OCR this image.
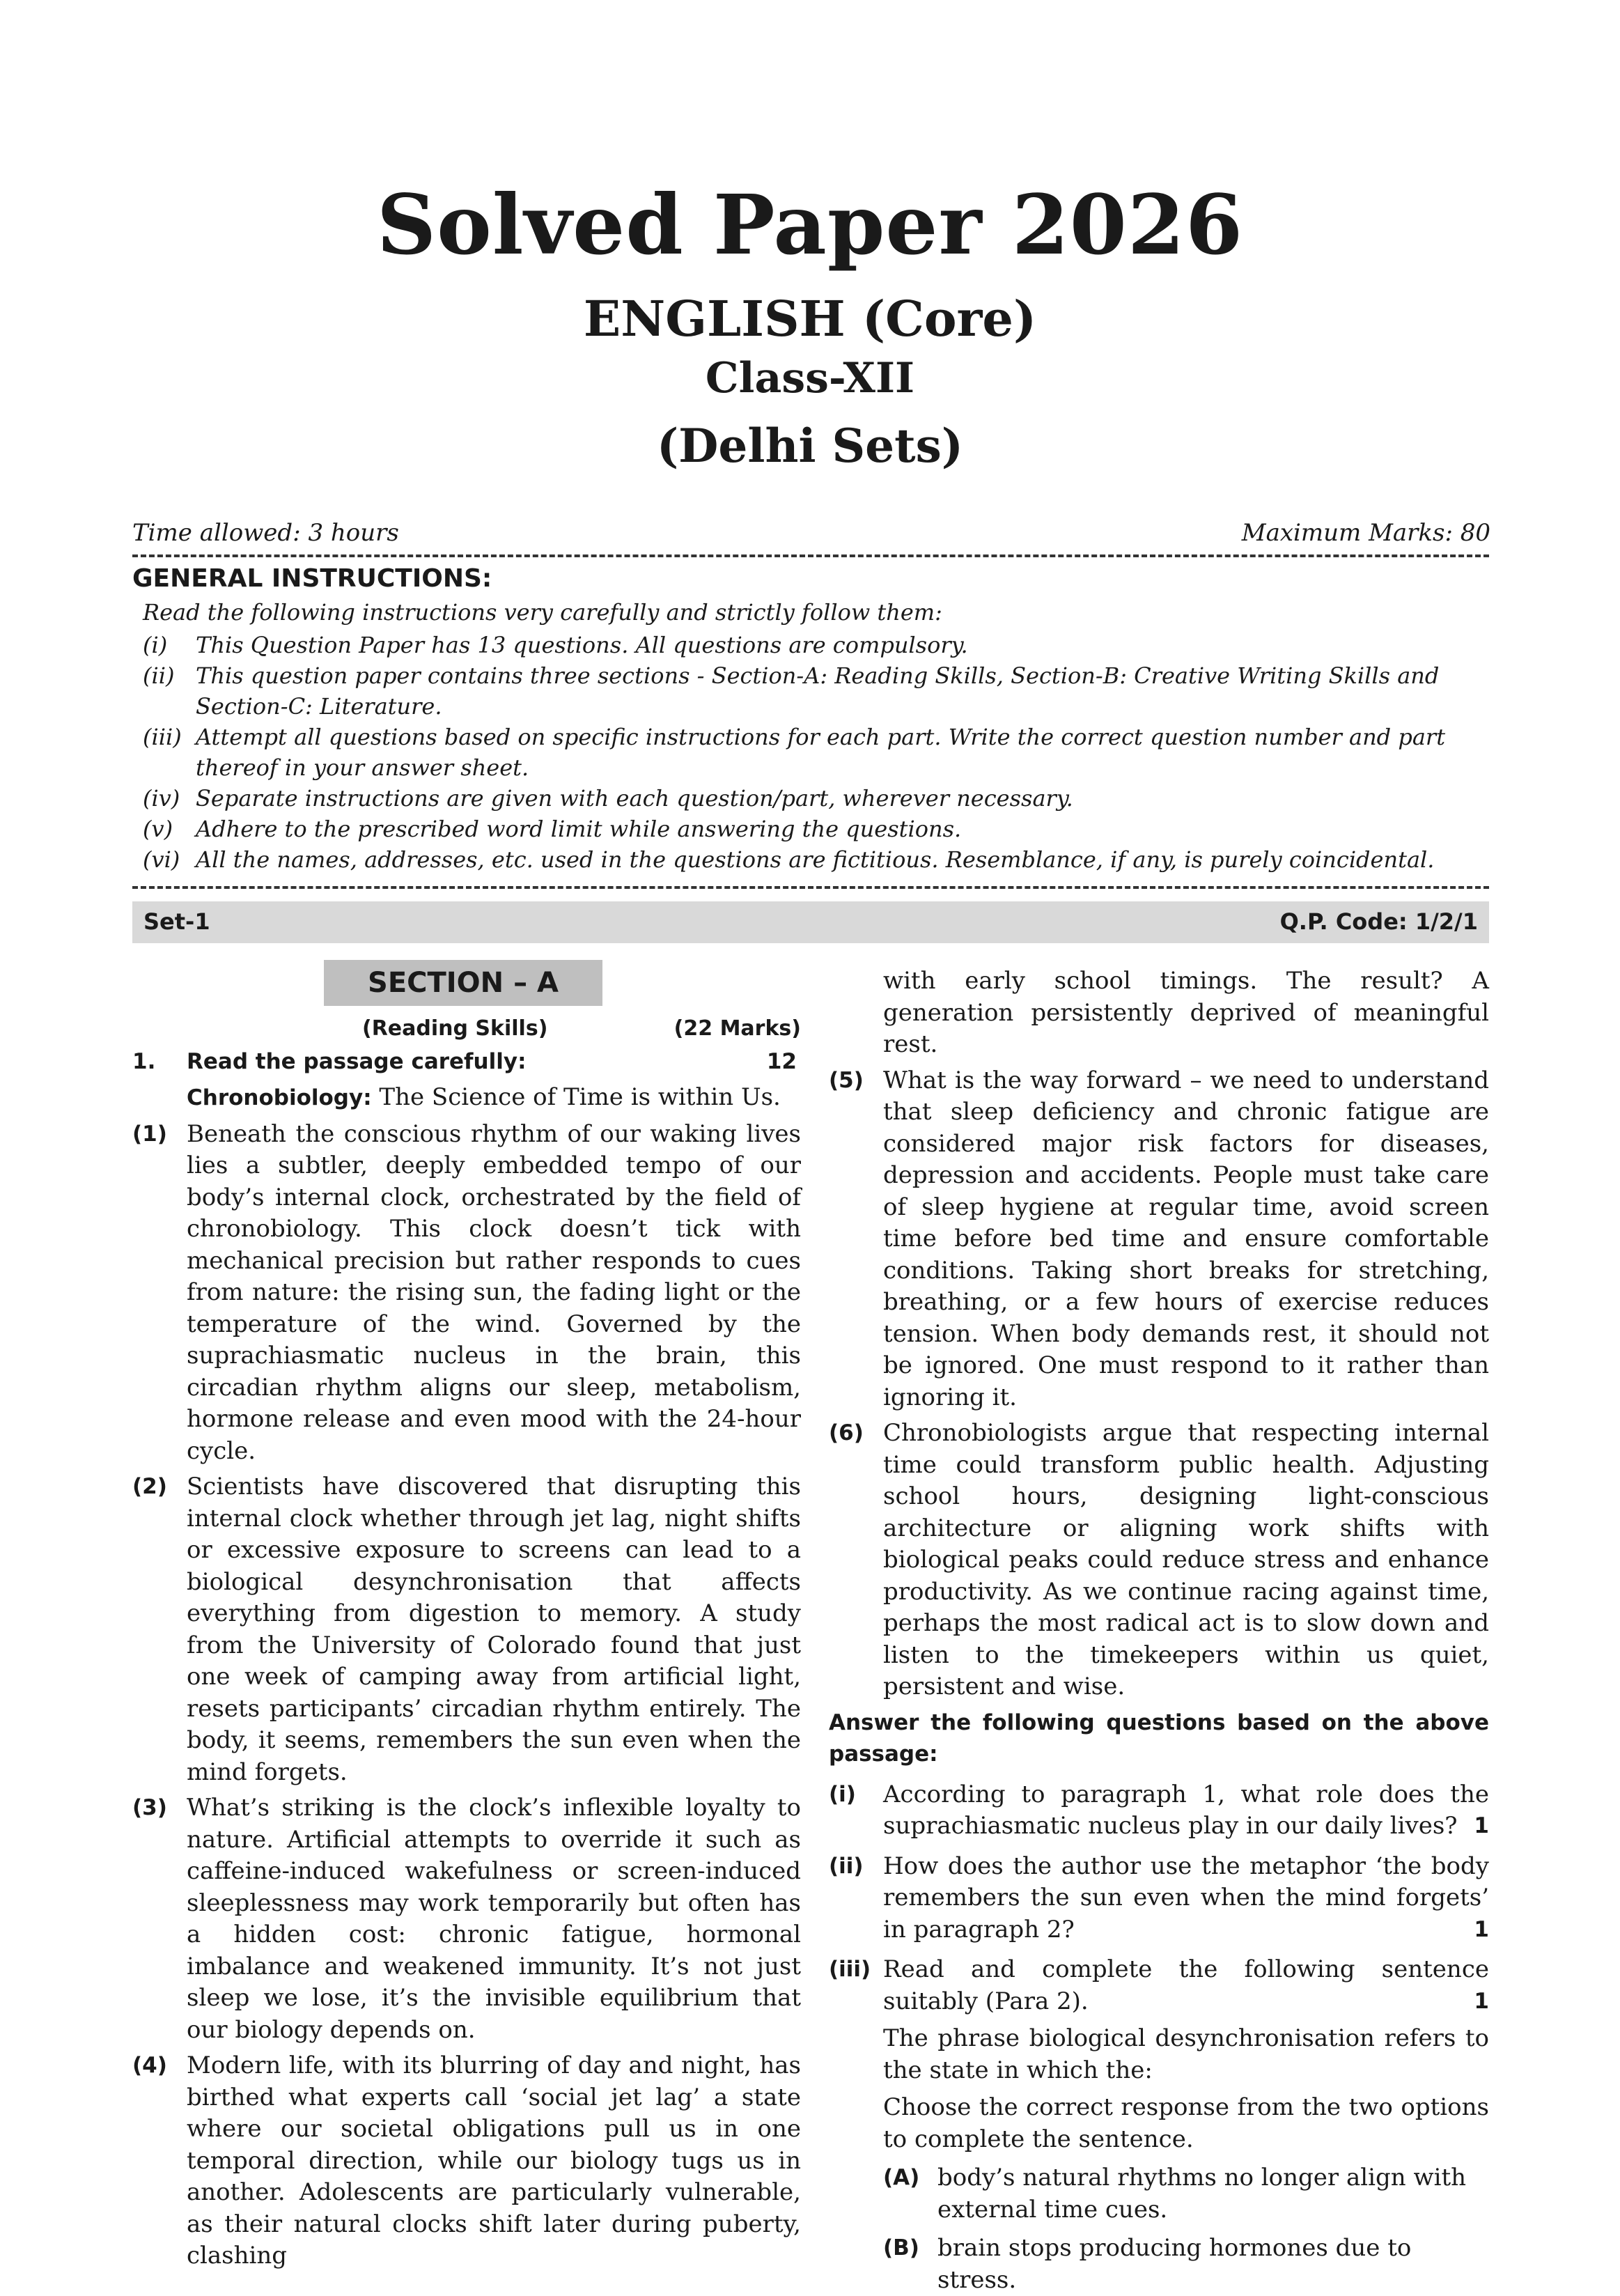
Solved Paper 2026
ENGLISH (Core)
Class-XII
(Delhi Sets)
Time allowed: 3 hours	Maximum Marks: 80
GENERAL INSTRUCTIONS:
Read the following instructions very carefully and strictly follow them:
(i)	This Question Paper has 13 questions. All questions are compulsory.
(ii) This question paper contains three sections - Section-A: Reading Skills, Section-B: Creative Writing Skills and Section-C: Literature.
(iii) Attempt all questions based on specific instructions for each part. Write the correct question number and part thereof in your answer sheet.
(iv) Separate instructions are given with each question/part, wherever necessary.
(v)	Adhere to the prescribed word limit while answering the questions.
(vi) All the names, addresses, etc. used in the questions are fictitious. Resemblance, if any, is purely coincidental.
Set-1	Q.P. Code: 1/2/1
SECTION – A
(Reading Skills)	(22 Marks)
1.	Read the passage carefully:	12
Chronobiology: The Science of Time is within Us.
(1) Beneath the conscious rhythm of our waking lives lies a subtler, deeply embedded tempo of our body’s internal clock, orchestrated by the field of chronobiology. This clock doesn’t tick with mechanical precision but rather responds to cues from nature: the rising sun, the fading light or the temperature of the wind. Governed by the suprachiasmatic nucleus in the brain, this circadian rhythm aligns our sleep, metabolism, hormone release and even mood with the 24-hour cycle.
(2) Scientists have discovered that disrupting this internal clock whether through jet lag, night shifts or excessive exposure to screens can lead to a biological desynchronisation that affects everything from digestion to memory. A study from the University of Colorado found that just one week of camping away from artificial light, resets participants’ circadian rhythm entirely. The body, it seems, remembers the sun even when the mind forgets.
(3) What’s striking is the clock’s inflexible loyalty to nature. Artificial attempts to override it such as caffeine-induced wakefulness or screen-induced sleeplessness may work temporarily but often has a hidden cost: chronic fatigue, hormonal imbalance and weakened immunity. It’s not just sleep we lose, it’s the invisible equilibrium that our biology depends on.
(4) Modern life, with its blurring of day and night, has birthed what experts call ‘social jet lag’ a state where our societal obligations pull us in one temporal direction, while our biology tugs us in another. Adolescents are particularly vulnerable, as their natural clocks shift later during puberty, clashing
with early school timings. The result? A generation persistently deprived of meaningful rest.
(5) What is the way forward – we need to understand that sleep deficiency and chronic fatigue are considered major risk factors for diseases, depression and accidents. People must take care of sleep hygiene at regular time, avoid screen time before bed time and ensure comfortable conditions. Taking short breaks for stretching, breathing, or a few hours of exercise reduces tension. When body demands rest, it should not be ignored. One must respond to it rather than ignoring it.
(6) Chronobiologists argue that respecting internal time could transform public health. Adjusting school hours, designing light-conscious architecture or aligning work shifts with biological peaks could reduce stress and enhance productivity. As we continue racing against time, perhaps the most radical act is to slow down and listen to the timekeepers within us quiet, persistent and wise.
Answer the following questions based on the above passage:
(i)	According to paragraph 1, what role does the suprachiasmatic nucleus play in our daily lives? 1
(ii) How does the author use the metaphor ‘the body remembers the sun even when the mind forgets’ in paragraph 2?	1
(iii) Read and complete the following sentence suitably (Para 2).	1
The phrase biological desynchronisation refers to the state in which the:
Choose the correct response from the two options to complete the sentence.
(A) body’s natural rhythms no longer align with external time cues.
(B) brain stops producing hormones due to stress.
